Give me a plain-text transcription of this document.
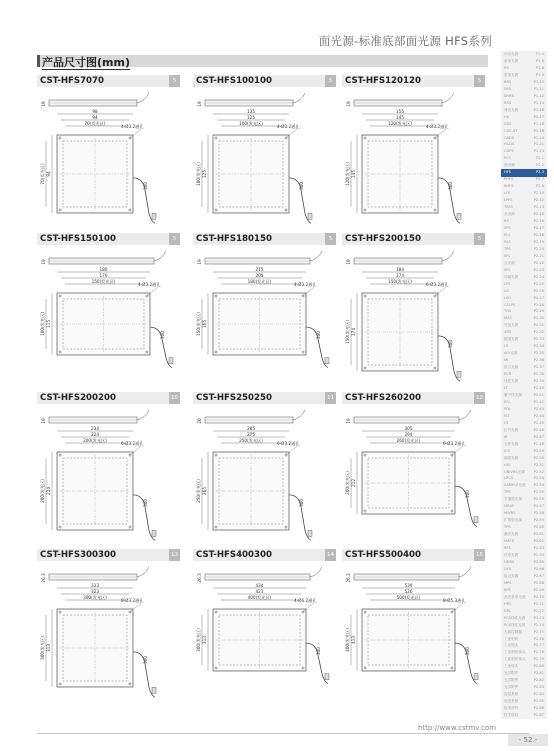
面光源-标准底部面光源 HFS系列
产品尺寸图(mm)
CST-HFS7070	5
19
98
94
70(发光区)
4-Ø3.2通孔
94
70(发光区)
300
CST-HFS100100	5
19
135
125
100(发光区)
4-Ø3.2通孔
125
100(发光区)	300
CST-HFS120120	5
19
155
145
120(发光区)
4-Ø3.2通孔
145
120(发光区)	300
CST-HFS150100	5
19
180
170
150(发光区)
4-Ø3.2通孔
115
100(发光区)	300
CST-HFS180150	5
19
215
205
180(发光区)
4-Ø3.2通孔
165
150(发光区)	300
CST-HFS200150	5
19
184
174
150(发光区)
6-Ø3.2通孔
174
150(发光区)	300
CST-HFS200200	10
19
234
224
200(发光区)
6-Ø3.2通孔
224
200(发光区)	300
CST-HFS250250	11
20
285
275
250(发光区)
6-Ø3.2通孔
265
250(发光区)	300
CST-HFS260200	12
19
305
294
260(发光区)
6-Ø3.2通孔
212
200(发光区)	300
CST-HFS300300	13
26.3
333
323
300(发光区)
8-Ø3.2通孔
313
300(发光区)	300
CST-HFS400300	14
26.3
434
421
400(发光区)
4-Ø6.2通孔
313
300(发光区)	300
CST-HFS500400	15
26.3
539
526
500(发光区)
8-Ø5.3通孔
413
400(发光区)	300
环形光源	P1-4
条形光源	P1-6
RS	P1-8
条形光源	P1-9
BRS	P1-10
ERS	P1-11
SHRS	P1-12
RRS	P1-14
背光光源	P1-16
HS	P1-17
CDS	P1-18
CDS-ST	P1-19
CBDS	P1-20
HCDS	P1-21
CDPS	P1-23
PCS	P2-1
面光源	P2-2
HFS	P2-3
PHFS	P2-7
KHFS	P2-8
LFS	P2-10
LPFS	P2-12
TKFS	P2-13
点光源	P2-15
RS	P2-16
SPS	P2-17
PLS	P2-18
PSS	P2-19
TPS	P2-20
SPL	P2-21
点光源	P2-22
SPL	P2-23
同轴光源	P2-24
LPS	P2-25
LG	P2-26
LSH	P2-27
CSLPS	P2-28
TGS	P2-29
MAS	P2-30
穹顶光源	P2-31
ARS	P2-32
隧道光源	P2-33
LS	P2-34
AOI光源	P2-35
MI	P2-36
组合光源	P2-37
PCR	P2-38
线性光源	P2-39
LT	P2-40
紫外线光源	P2-41
EPL	P2-42
POL	P2-43
ELT	P2-44
LS	P2-45
红外光源	P2-46
IR	P2-47
互补光源	P2-48
ICS	P2-49
偏振光源	P2-50
USL	P2-51
UNIVRS光源 P2-52
LPCS	P2-53
SAMPLE光源 P2-54
TPS	P2-55
多通道光源	P2-56
MBAF	P2-57
MWRS	P2-58
扩散型光源	P2-59
TPS	P2-60
激光光源	P2-61
MAFS	P2-62
RFS	P2-63
环形光源	P2-64
HDRS	P2-65
DFS	P2-66
组合光源	P2-67
MPS	P2-68
BPS	P2-69
高亮条形光源 P2-70
HRS	P2-71
DPL	P2-72
PCS线性光源 P2-73
PCS线性光源 P2-74
光源控制器	P2-75
工业相机	P2-76
工业镜头	P2-77
工业相机镜头 P2-78
工业相机镜头 P2-79
工业镜头	P2-80
光学附件	P2-81
光学附件	P2-82
光学附件	P2-83
视觉系统	P2-84
视觉系统	P2-85
技术资料	P2-86
技术资料	P2-87
http://www.cstmv.com
- 52 -
